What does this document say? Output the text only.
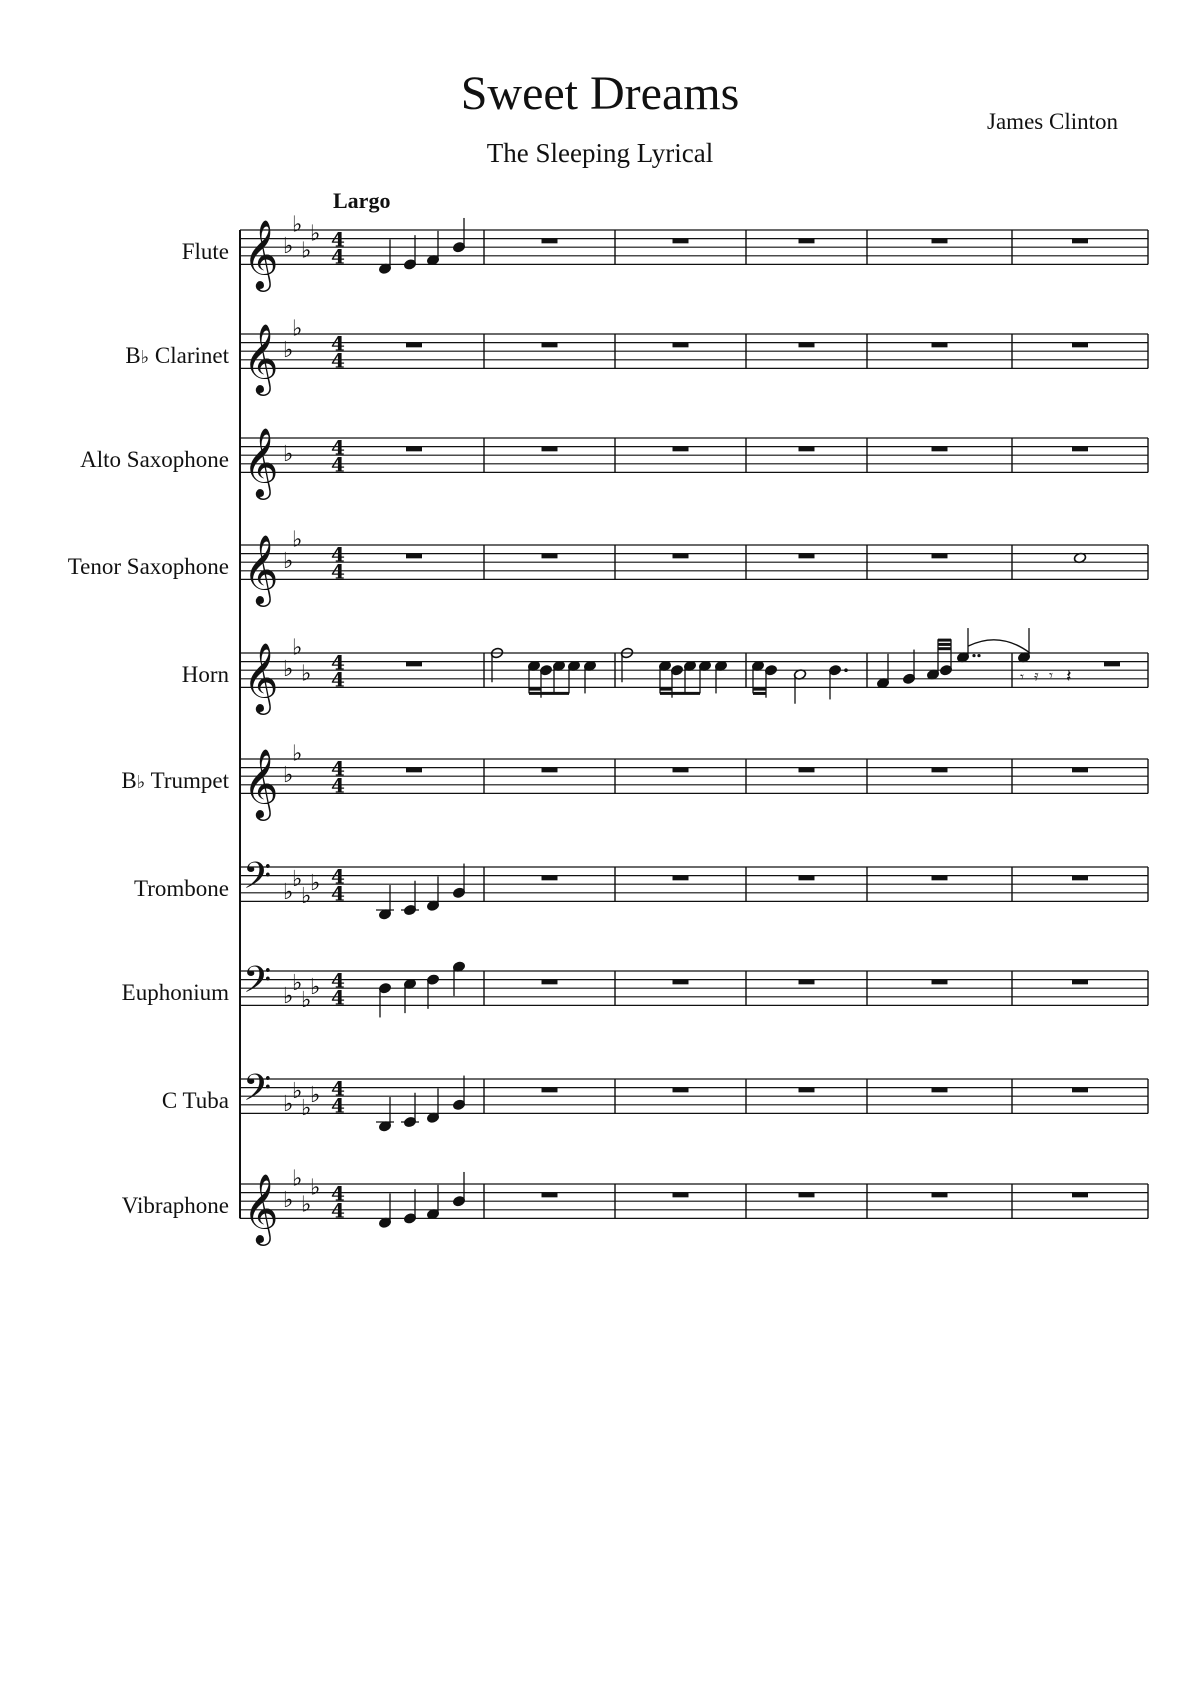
Sweet Dreams
The Sleeping Lyrical
James Clinton
Largo
Flute
B♭ Clarinet
Alto Saxophone
Tenor Saxophone
Horn
B♭ Trumpet
Trombone
Euphonium
C Tuba
Vibraphone
𝄞 ♭
♭
♭
♭ 4
4
𝄞 ♭
♭
4
4
𝄞 ♭ 4
4
𝄞 ♭
♭
4
4
𝄞 ♭
♭
♭ 4
4
𝄞 ♭
♭
4
4
𝄢 ♭
♭
♭
♭ 4
4
𝄢 ♭
♭
♭
♭ 4
4
𝄢 ♭
♭
♭
♭ 4
4
𝄞 ♭
♭
♭
♭ 4
4
𝄾 𝄿 𝄾 𝄽
